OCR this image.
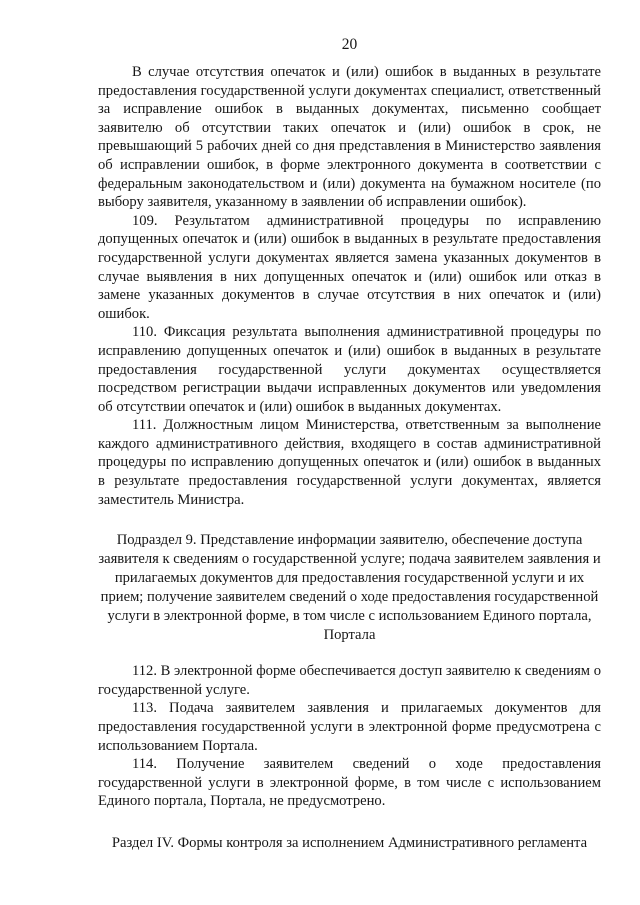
20

В случае отсутствия опечаток и (или) ошибок в выданных в результате предоставления государственной услуги документах специалист, ответственный за исправление ошибок в выданных документах, письменно сообщает заявителю об отсутствии таких опечаток и (или) ошибок в срок, не превышающий 5 рабочих дней со дня представления в Министерство заявления об исправлении ошибок, в форме электронного документа в соответствии с федеральным законодательством и (или) документа на бумажном носителе (по выбору заявителя, указанному в заявлении об исправлении ошибок).

109. Результатом административной процедуры по исправлению допущенных опечаток и (или) ошибок в выданных в результате предоставления государственной услуги документах является замена указанных документов в случае выявления в них допущенных опечаток и (или) ошибок или отказ в замене указанных документов в случае отсутствия в них опечаток и (или) ошибок.

110. Фиксация результата выполнения административной процедуры по исправлению допущенных опечаток и (или) ошибок в выданных в результате предоставления государственной услуги документах осуществляется посредством регистрации выдачи исправленных документов или уведомления об отсутствии опечаток и (или) ошибок в выданных документах.

111. Должностным лицом Министерства, ответственным за выполнение каждого административного действия, входящего в состав административной процедуры по исправлению допущенных опечаток и (или) ошибок в выданных в результате предоставления государственной услуги документах, является заместитель Министра.

Подраздел 9. Представление информации заявителю, обеспечение доступа заявителя к сведениям о государственной услуге; подача заявителем заявления и прилагаемых документов для предоставления государственной услуги и их прием; получение заявителем сведений о ходе предоставления государственной услуги в электронной форме, в том числе с использованием Единого портала, Портала

112. В электронной форме обеспечивается доступ заявителю к сведениям о государственной услуге.

113. Подача заявителем заявления и прилагаемых документов для предоставления государственной услуги в электронной форме предусмотрена с использованием Портала.

114. Получение заявителем сведений о ходе предоставления государственной услуги в электронной форме, в том числе с использованием Единого портала, Портала, не предусмотрено.

Раздел IV. Формы контроля за исполнением Административного регламента
